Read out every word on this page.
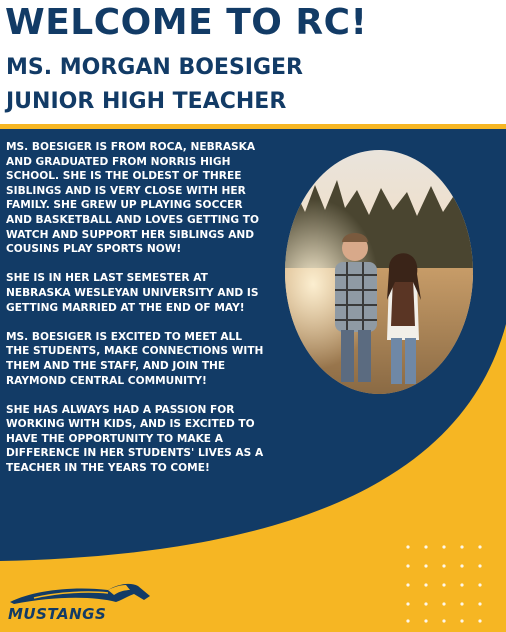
WELCOME TO RC!
MS. MORGAN BOESIGER
JUNIOR HIGH TEACHER

MS. BOESIGER IS FROM ROCA, NEBRASKA AND GRADUATED FROM NORRIS HIGH SCHOOL. SHE IS THE OLDEST OF THREE SIBLINGS AND IS VERY CLOSE WITH HER FAMILY. SHE GREW UP PLAYING SOCCER AND BASKETBALL AND LOVES GETTING TO WATCH AND SUPPORT HER SIBLINGS AND COUSINS PLAY SPORTS NOW!

SHE IS IN HER LAST SEMESTER AT NEBRASKA WESLEYAN UNIVERSITY AND IS GETTING MARRIED AT THE END OF MAY!

MS. BOESIGER IS EXCITED TO MEET ALL THE STUDENTS, MAKE CONNECTIONS WITH THEM AND THE STAFF, AND JOIN THE RAYMOND CENTRAL COMMUNITY!

SHE HAS ALWAYS HAD A PASSION FOR WORKING WITH KIDS, AND IS EXCITED TO HAVE THE OPPORTUNITY TO MAKE A DIFFERENCE IN HER STUDENTS' LIVES AS A TEACHER IN THE YEARS TO COME!

MUSTANGS
